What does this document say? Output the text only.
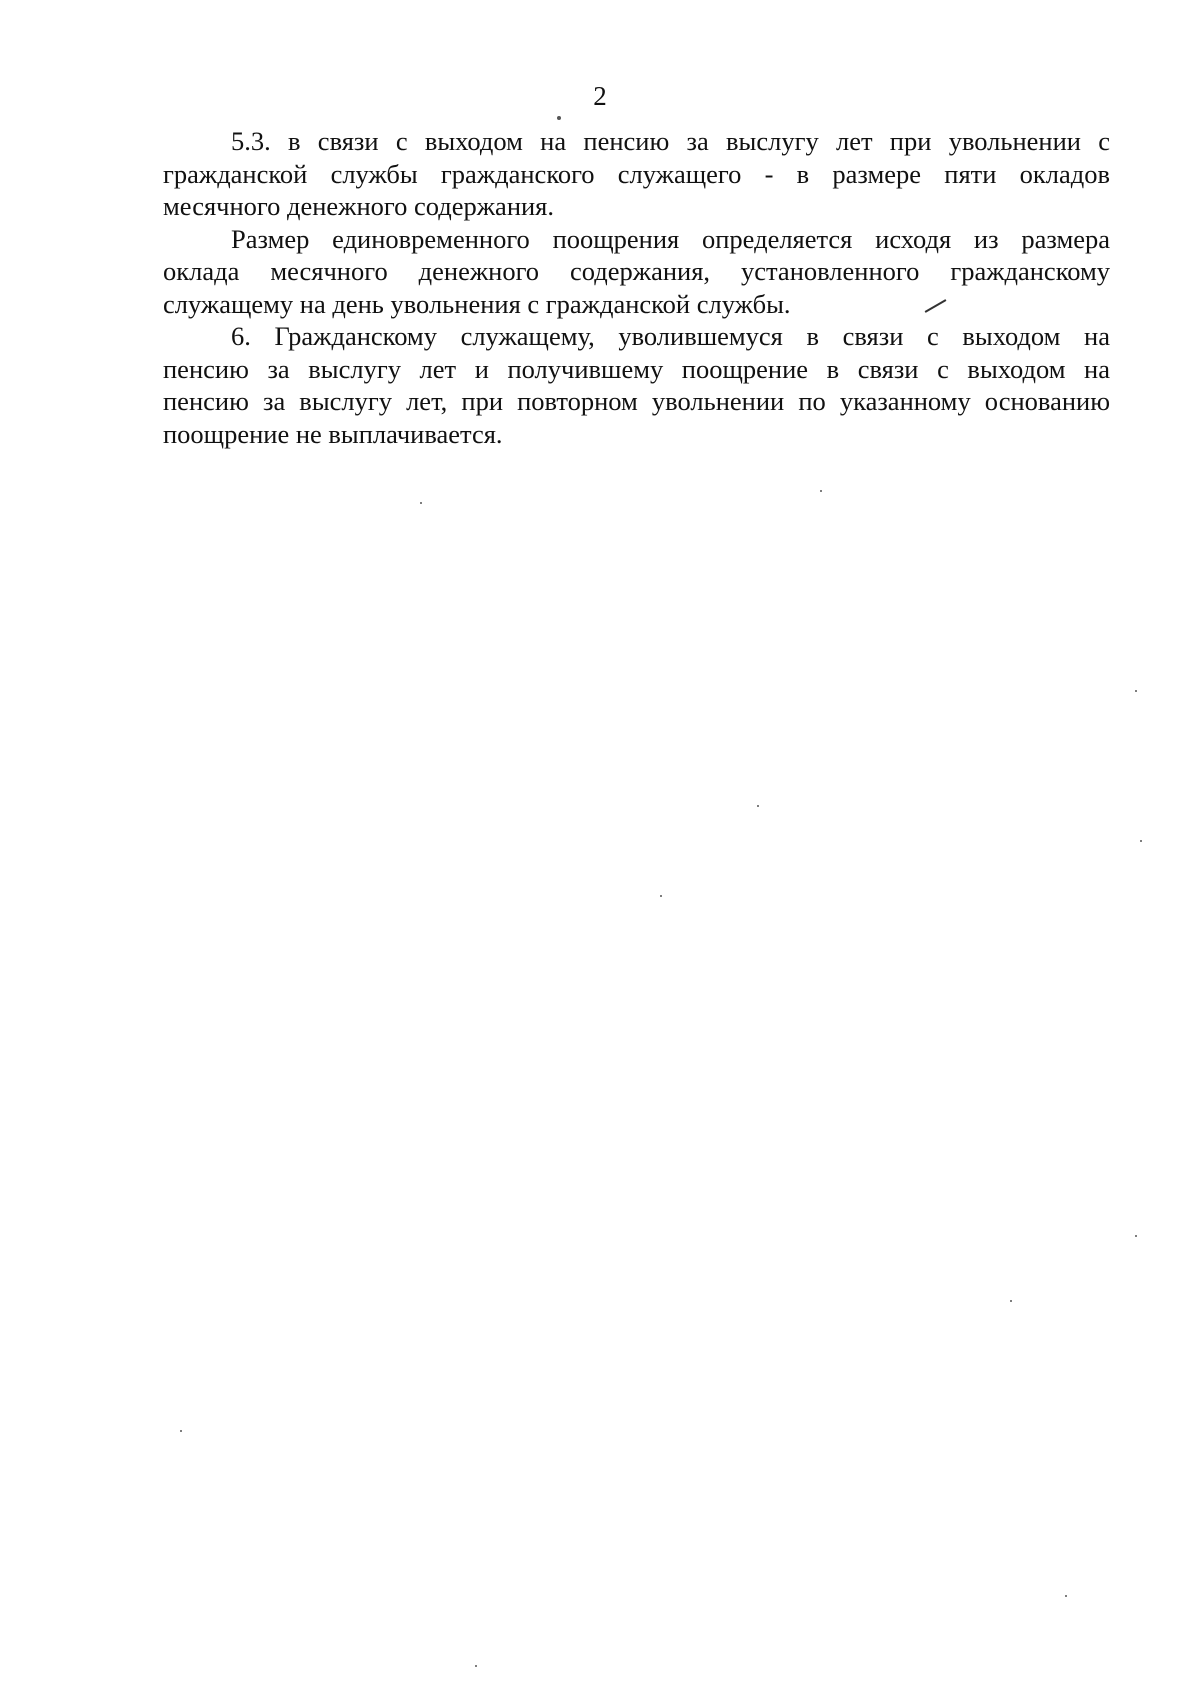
2
5.3. в связи с выходом на пенсию за выслугу лет при увольнении с
гражданской службы гражданского служащего - в размере пяти окладов
месячного денежного содержания.
Размер единовременного поощрения определяется исходя из размера
оклада месячного денежного содержания, установленного гражданскому
служащему на день увольнения с гражданской службы.
6. Гражданскому служащему, уволившемуся в связи с выходом на
пенсию за выслугу лет и получившему поощрение в связи с выходом на
пенсию за выслугу лет, при повторном увольнении по указанному основанию
поощрение не выплачивается.
